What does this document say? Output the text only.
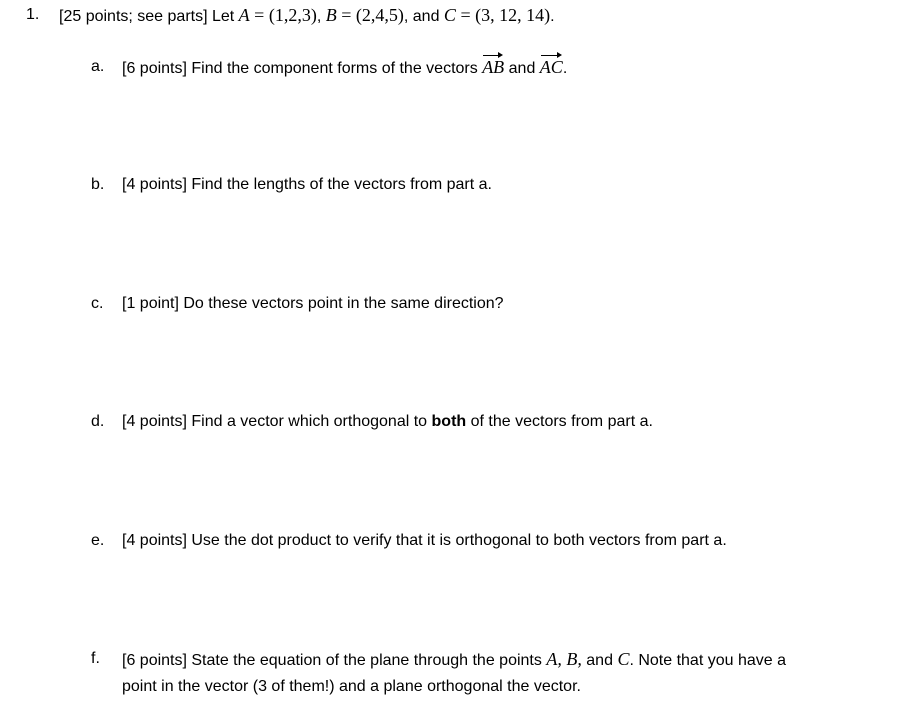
1.	[25 points; see parts] Let A = (1,2,3), B = (2,4,5), and C = (3, 12, 14).
a.	[6 points] Find the component forms of the vectors AB and AC.
b.	[4 points] Find the lengths of the vectors from part a.
c.	[1 point] Do these vectors point in the same direction?
d.	[4 points] Find a vector which orthogonal to both of the vectors from part a.
e.	[4 points] Use the dot product to verify that it is orthogonal to both vectors from part a.
f.	[6 points] State the equation of the plane through the points A, B, and C. Note that you have a point in the vector (3 of them!) and a plane orthogonal the vector.
